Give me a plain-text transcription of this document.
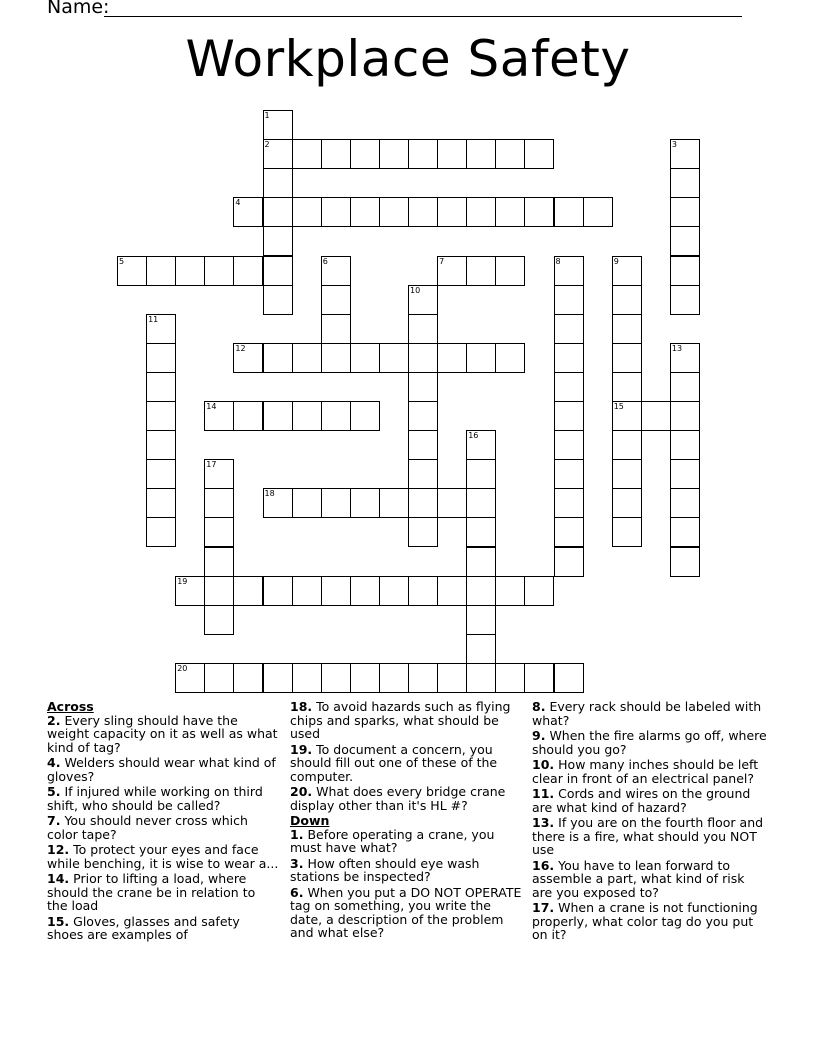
Name:
Workplace Safety
1
2	3
4
5	6	7	8	9
15
10
11
12	13
14
16
17
18
19
20
Across
2. Every sling should have the weight capacity on it as well as what kind of tag?
4. Welders should wear what kind of gloves?
5. If injured while working on third shift, who should be called?
7. You should never cross which color tape?
12. To protect your eyes and face while benching, it is wise to wear a...
14. Prior to lifting a load, where should the crane be in relation to the load
15. Gloves, glasses and safety shoes are examples of
18. To avoid hazards such as flying chips and sparks, what should be used
19. To document a concern, you should fill out one of these of the computer.
20. What does every bridge crane display other than it's HL #?
Down
1. Before operating a crane, you must have what?
3. How often should eye wash stations be inspected?
6. When you put a DO NOT OPERATE tag on something, you write the date, a description of the problem and what else?
8. Every rack should be labeled with what?
9. When the fire alarms go off, where should you go?
10. How many inches should be left clear in front of an electrical panel?
11. Cords and wires on the ground are what kind of hazard?
13. If you are on the fourth floor and there is a fire, what should you NOT use
16. You have to lean forward to assemble a part, what kind of risk are you exposed to?
17. When a crane is not functioning properly, what color tag do you put on it?
